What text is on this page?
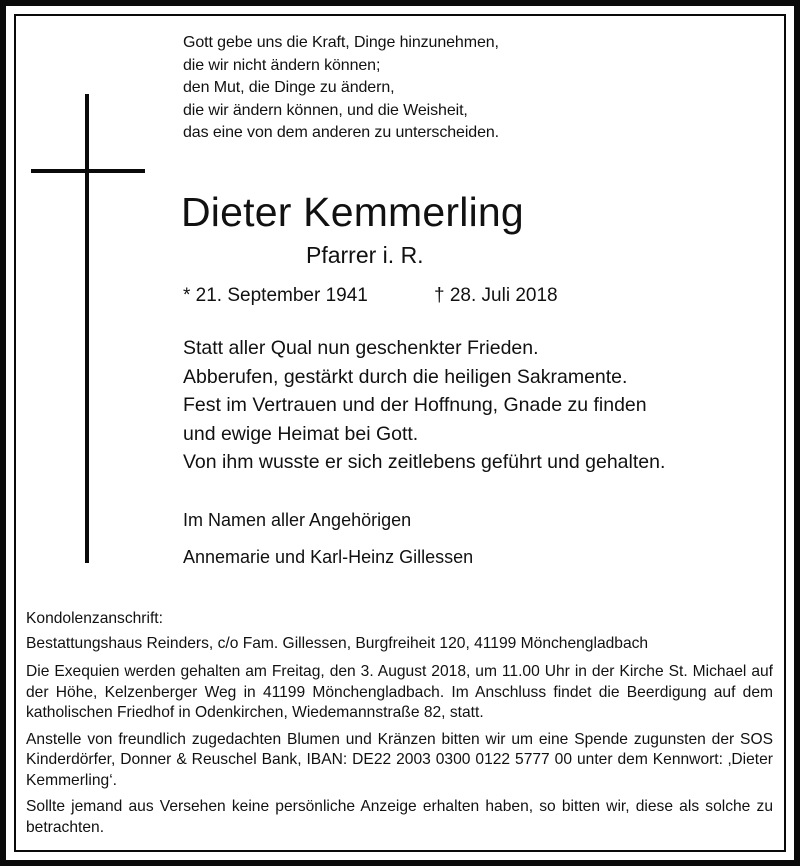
Gott gebe uns die Kraft, Dinge hinzunehmen,
die wir nicht ändern können;
den Mut, die Dinge zu ändern,
die wir ändern können, und die Weisheit,
das eine von dem anderen zu unterscheiden.
Dieter Kemmerling
Pfarrer i. R.
* 21. September 1941	† 28. Juli 2018
Statt aller Qual nun geschenkter Frieden.
Abberufen, gestärkt durch die heiligen Sakramente.
Fest im Vertrauen und der Hoffnung, Gnade zu finden
und ewige Heimat bei Gott.
Von ihm wusste er sich zeitlebens geführt und gehalten.
Im Namen aller Angehörigen
Annemarie und Karl-Heinz Gillessen

Kondolenzanschrift:

Bestattungshaus Reinders, c/o Fam. Gillessen, Burgfreiheit 120, 41199 Mönchengladbach

Die Exequien werden gehalten am Freitag, den 3. August 2018, um 11.00 Uhr in der Kirche St. Michael auf der Höhe, Kelzenberger Weg in 41199 Mönchengladbach. Im Anschluss findet die Beerdigung auf dem katholischen Friedhof in Odenkirchen, Wiedemannstraße 82, statt.

Anstelle von freundlich zugedachten Blumen und Kränzen bitten wir um eine Spende zugunsten der SOS Kinderdörfer, Donner & Reuschel Bank, IBAN: DE22 2003 0300 0122 5777 00 unter dem Kennwort: ‚Dieter Kemmerling‘.

Sollte jemand aus Versehen keine persönliche Anzeige erhalten haben, so bitten wir, diese als solche zu betrachten.
